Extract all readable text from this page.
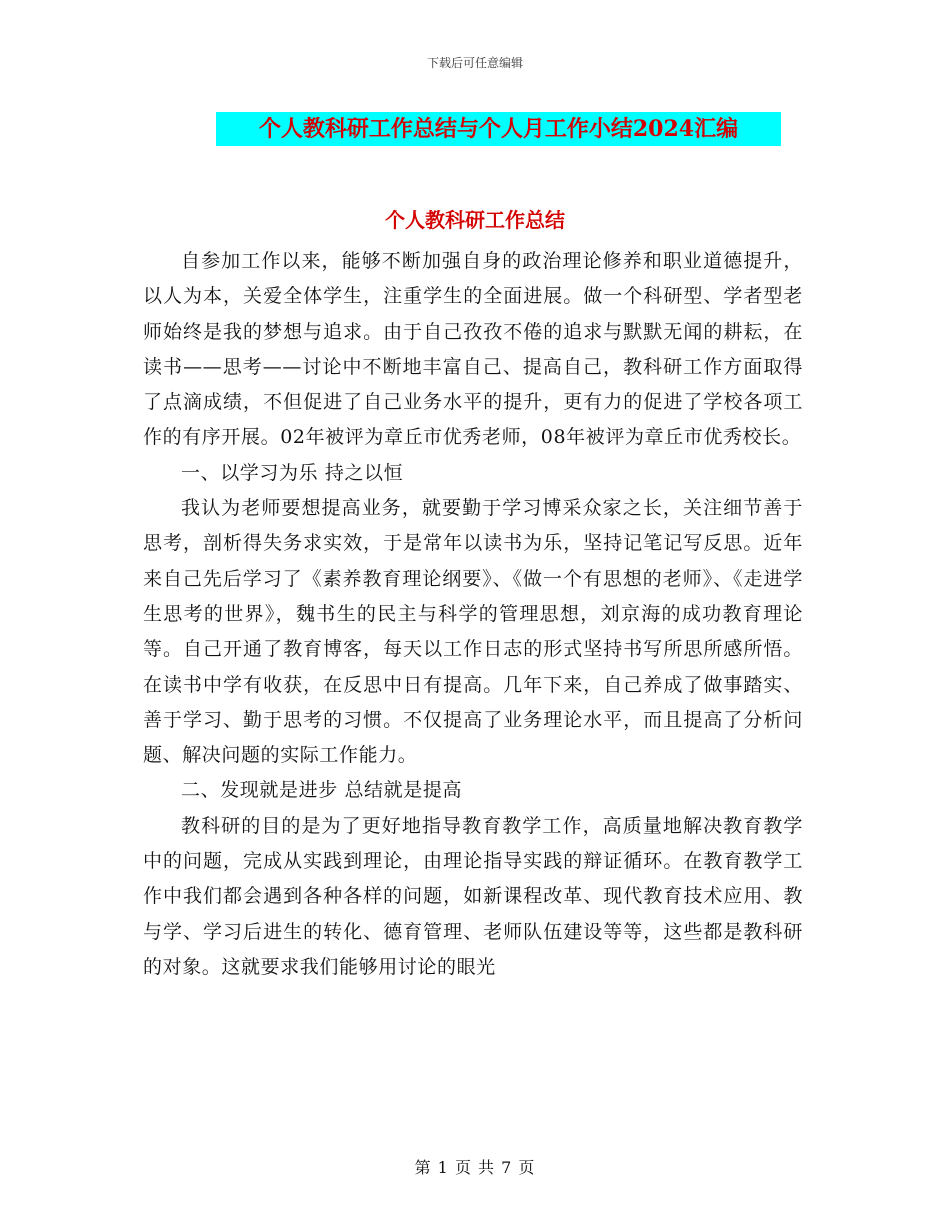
下载后可任意编辑
个人教科研工作总结与个人月工作小结2024汇编
个人教科研工作总结

自参加工作以来，能够不断加强自身的政治理论修养和职业道德提升，以人为本，关爱全体学生，注重学生的全面进展。做一个科研型、学者型老师始终是我的梦想与追求。由于自己孜孜不倦的追求与默默无闻的耕耘，在读书——思考——讨论中不断地丰富自己、提高自己，教科研工作方面取得了点滴成绩，不但促进了自己业务水平的提升，更有力的促进了学校各项工作的有序开展。02年被评为章丘市优秀老师，08年被评为章丘市优秀校长。

一、以学习为乐 持之以恒

我认为老师要想提高业务，就要勤于学习博采众家之长，关注细节善于思考，剖析得失务求实效，于是常年以读书为乐，坚持记笔记写反思。近年来自己先后学习了《素养教育理论纲要》、《做一个有思想的老师》、《走进学生思考的世界》，魏书生的民主与科学的管理思想，刘京海的成功教育理论等。自己开通了教育博客，每天以工作日志的形式坚持书写所思所感所悟。在读书中学有收获，在反思中日有提高。几年下来，自己养成了做事踏实、善于学习、勤于思考的习惯。不仅提高了业务理论水平，而且提高了分析问题、解决问题的实际工作能力。

二、发现就是进步 总结就是提高

教科研的目的是为了更好地指导教育教学工作，高质量地解决教育教学中的问题，完成从实践到理论，由理论指导实践的辩证循环。在教育教学工作中我们都会遇到各种各样的问题，如新课程改革、现代教育技术应用、教与学、学习后进生的转化、德育管理、老师队伍建设等等，这些都是教科研的对象。这就要求我们能够用讨论的眼光

第 1 页 共 7 页
